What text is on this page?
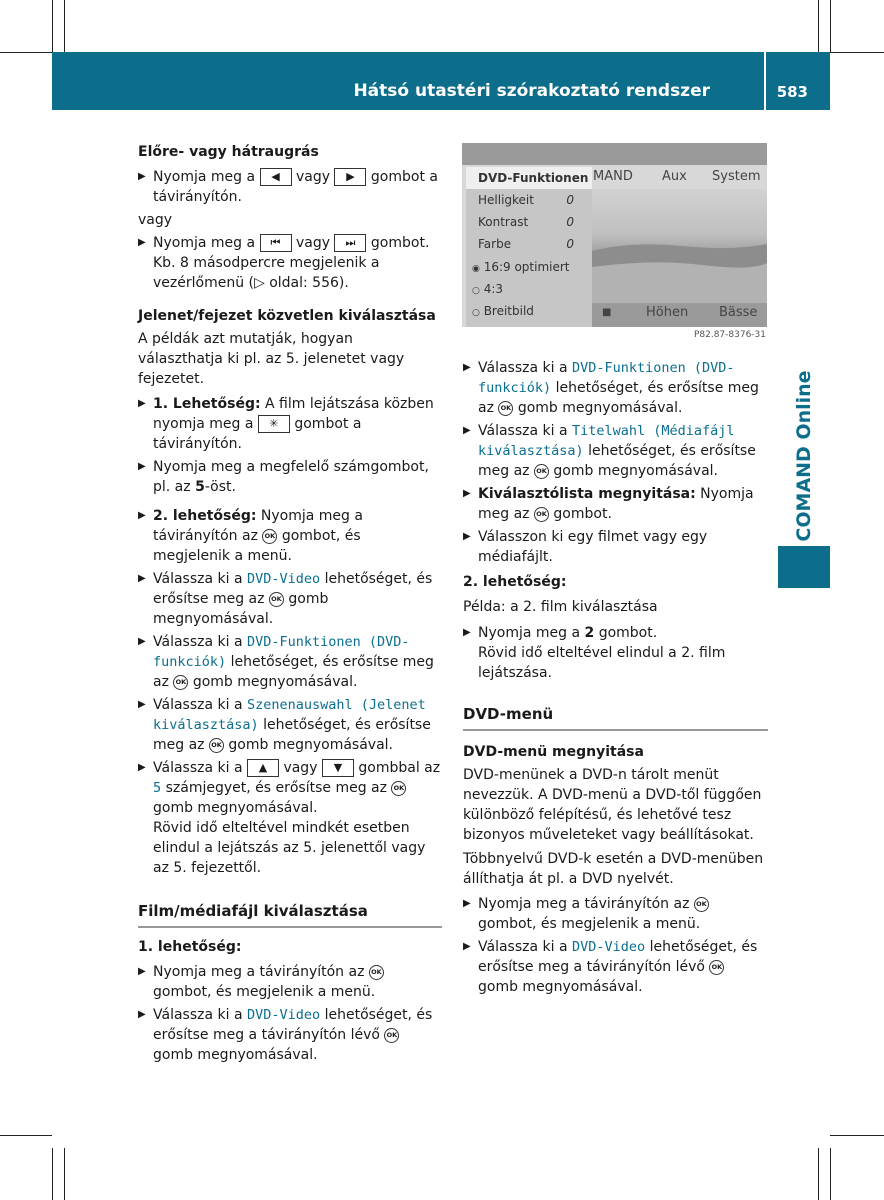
Hátsó utastéri szórakoztató rendszer	583
COMAND Online

Előre- vagy hátraugrás

▶ Nyomja meg a ◀ vagy ▶ gombot a távirányítón.

vagy

▶ Nyomja meg a ⏮ vagy ⏭ gombot. Kb. 8 másodpercre megjelenik a vezérlőmenü (▷ oldal: 556).

Jelenet/fejezet közvetlen kiválasztása

A példák azt mutatják, hogyan választhatja ki pl. az 5. jelenetet vagy fejezetet.

▶ 1. Lehetőség: A film lejátszása közben nyomja meg a ✳ gombot a távirányítón.

▶ Nyomja meg a megfelelő számgombot, pl. az 5-öst.

▶ 2. lehetőség: Nyomja meg a távirányítón az OK gombot, és megjelenik a menü.

▶ Válassza ki a DVD-Video lehetőséget, és erősítse meg az OK gomb megnyomásával.

▶ Válassza ki a DVD-Funktionen (DVD-funkciók) lehetőséget, és erősítse meg az OK gomb megnyomásával.

▶ Válassza ki a Szenenauswahl (Jelenet kiválasztása) lehetőséget, és erősítse meg az OK gomb megnyomásával.

▶ Válassza ki a ▲ vagy ▼ gombbal az 5 számjegyet, és erősítse meg az OK gomb megnyomásával.

Rövid idő elteltével mindkét esetben elindul a lejátszás az 5. jelenettől vagy az 5. fejezettől.

Film/médiafájl kiválasztása

1. lehetőség:

▶ Nyomja meg a távirányítón az OK gombot, és megjelenik a menü.

▶ Válassza ki a DVD-Video lehetőséget, és erősítse meg a távirányítón lévő OK gomb megnyomásával.

DVD-Funktionen
Helligkeit	0
Kontrast	0
Farbe	0
◉ 16:9 optimiert
○ 4:3
○ Breitbild
MAND Aux System
■	Höhen Bässe
P82.87-8376-31

▶ Válassza ki a DVD-Funktionen (DVD-funkciók) lehetőséget, és erősítse meg az OK gomb megnyomásával.

▶ Válassza ki a Titelwahl (Médiafájl kiválasztása) lehetőséget, és erősítse meg az OK gomb megnyomásával.

▶ Kiválasztólista megnyitása: Nyomja meg az OK gombot.

▶ Válasszon ki egy filmet vagy egy médiafájlt.

2. lehetőség:

Példa: a 2. film kiválasztása

▶ Nyomja meg a 2 gombot.

Rövid idő elteltével elindul a 2. film lejátszása.

DVD-menü

DVD-menü megnyitása

DVD-menünek a DVD-n tárolt menüt nevezzük. A DVD-menü a DVD-től függően különböző felépítésű, és lehetővé tesz bizonyos műveleteket vagy beállításokat.

Többnyelvű DVD-k esetén a DVD-menüben állíthatja át pl. a DVD nyelvét.

▶ Nyomja meg a távirányítón az OK gombot, és megjelenik a menü.

▶ Válassza ki a DVD-Video lehetőséget, és erősítse meg a távirányítón lévő OK gomb megnyomásával.
